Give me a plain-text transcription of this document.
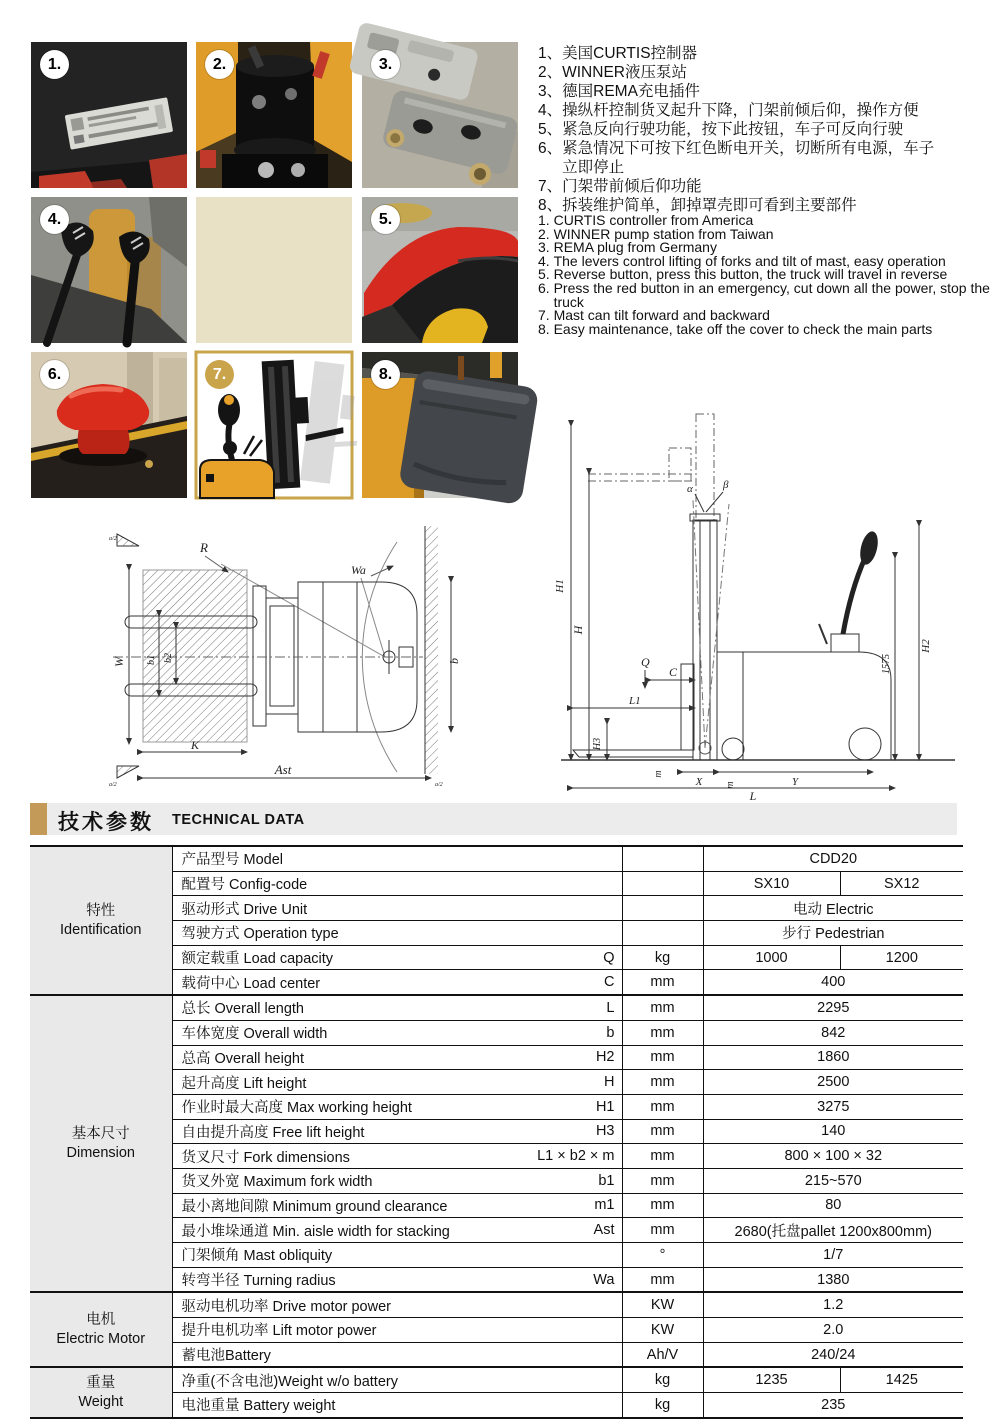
1.	2.	3.
4.	5.
6.	7.	8.
1、 美国CURTIS控制器
2、 WINNER液压泵站
3、 德国REMA充电插件
4、 操纵杆控制货叉起升下降，门架前倾后仰，操作方便
5、 紧急反向行驶功能，按下此按钮，车子可反向行驶
6、 紧急情况下可按下红色断电开关，切断所有电源，车子立即停止
7、 门架带前倾后仰功能
8、 拆装维护简单，卸掉罩壳即可看到主要部件
1. CURTIS controller from America
2. WINNER pump station from Taiwan
3. REMA plug from Germany
4. The levers control lifting of forks and tilt of mast, easy operation
5. Reverse button, press this button, the truck will travel in reverse
6. Press the red button in an emergency, cut down all the power, stop the truck
7. Mast can tilt forward and backward
8. Easy maintenance, take off the cover to check the main parts
W b1 b2
K
Ast
b
R
Wa
a/2
a/2	a/2
H1
H
H3
Q
C
L1
α	β
1575
H2
X	Y
m
m
L
技术参数 TECHNICAL DATA
特性
Identification	产品型号 Model		CDD20	

	配置号 Config-code		SX10	SX12

	驱动形式 Drive Unit		电动 Electric	

	驾驶方式 Operation type		步行 Pedestrian	

	额定载重 Load capacity Q	kg	1000	1200

	载荷中心 Load center C	mm	400	

基本尺寸
Dimension

总长 Overall length	L	mm	2295

	车体宽度 Overall width b	mm	842	

	总高 Overall height H2	mm	1860	

	起升高度 Lift height H	mm	2500	

	作业时最大高度 Max working height H1	mm	3275	

	自由提升高度 Free lift height H3	mm	140	

	货叉尺寸 Fork dimensions L1 × b2 × m	mm	800 × 100 × 32	

	货叉外宽 Maximum fork width b1	mm	215~570	

	最小离地间隙 Minimum ground clearance m1	mm	80	

	最小堆垛通道 Min. aisle width for stacking Ast	mm	2680(托盘pallet 1200x800mm)	

	门架倾角 Mast obliquity	°	1/7	

	转弯半径 Turning radius Wa	mm	1380	

电机
Electric Motor	驱动电机功率 Drive motor power	KW	1.2	

	提升电机功率 Lift motor power	KW	2.0	

	蓄电池Battery	Ah/V	240/24	

重量
Weight	净重(不含电池)Weight w/o battery	kg	1235	1425

	电池重量 Battery weight	kg	235	
